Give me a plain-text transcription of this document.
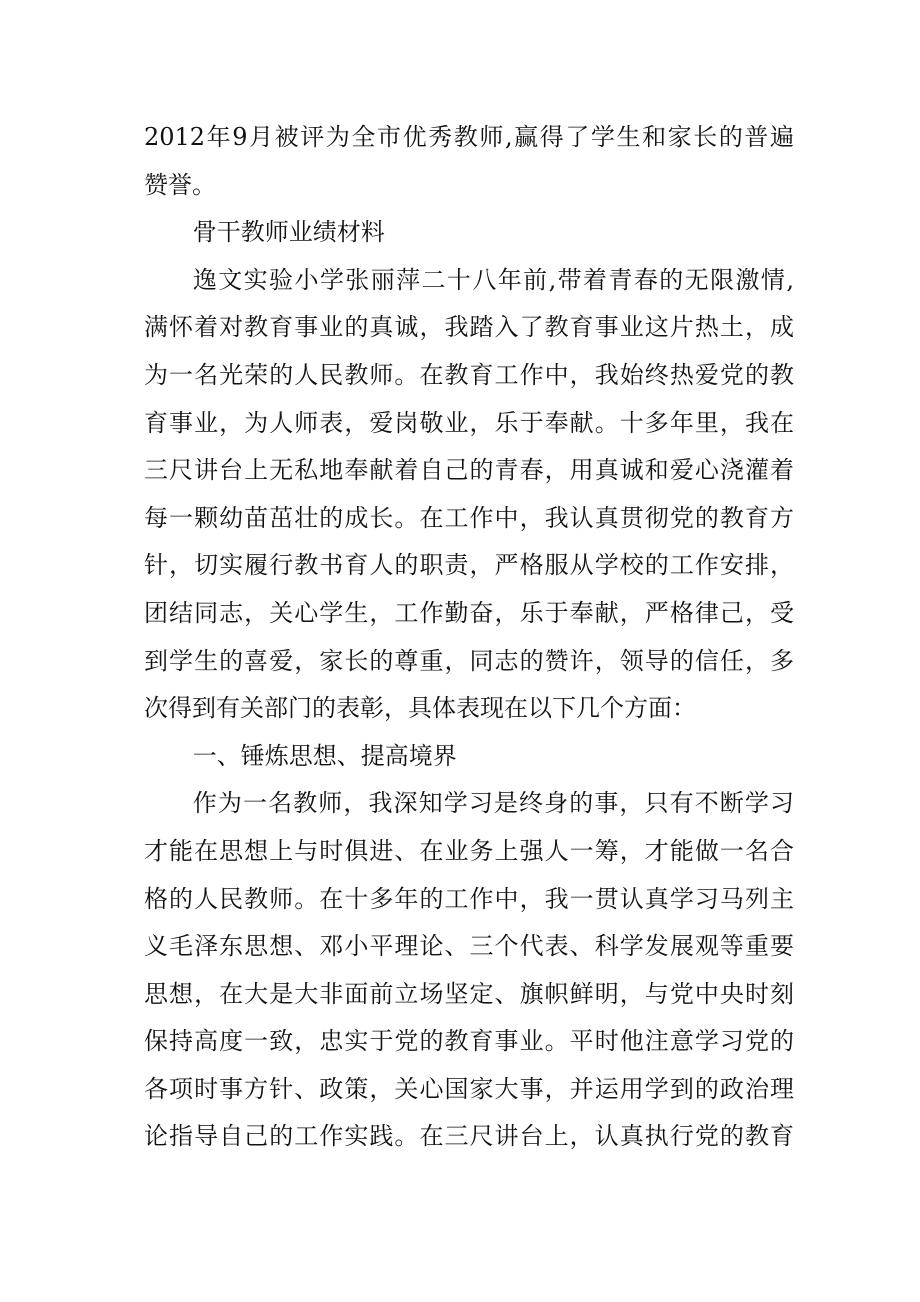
2012年9月被评为全市优秀教师,赢得了学生和家长的普遍
赞誉。
骨干教师业绩材料
逸文实验小学张丽萍二十八年前,带着青春的无限激情,
满怀着对教育事业的真诚，我踏入了教育事业这片热土，成
为一名光荣的人民教师。在教育工作中，我始终热爱党的教
育事业，为人师表，爱岗敬业，乐于奉献。十多年里，我在
三尺讲台上无私地奉献着自己的青春，用真诚和爱心浇灌着
每一颗幼苗茁壮的成长。在工作中，我认真贯彻党的教育方
针，切实履行教书育人的职责，严格服从学校的工作安排，
团结同志，关心学生，工作勤奋，乐于奉献，严格律己，受
到学生的喜爱，家长的尊重，同志的赞许，领导的信任，多
次得到有关部门的表彰，具体表现在以下几个方面：
一、锤炼思想、提高境界
作为一名教师，我深知学习是终身的事，只有不断学习
才能在思想上与时俱进、在业务上强人一筹，才能做一名合
格的人民教师。在十多年的工作中，我一贯认真学习马列主
义毛泽东思想、邓小平理论、三个代表、科学发展观等重要
思想，在大是大非面前立场坚定、旗帜鲜明，与党中央时刻
保持高度一致，忠实于党的教育事业。平时他注意学习党的
各项时事方针、政策，关心国家大事，并运用学到的政治理
论指导自己的工作实践。在三尺讲台上，认真执行党的教育
